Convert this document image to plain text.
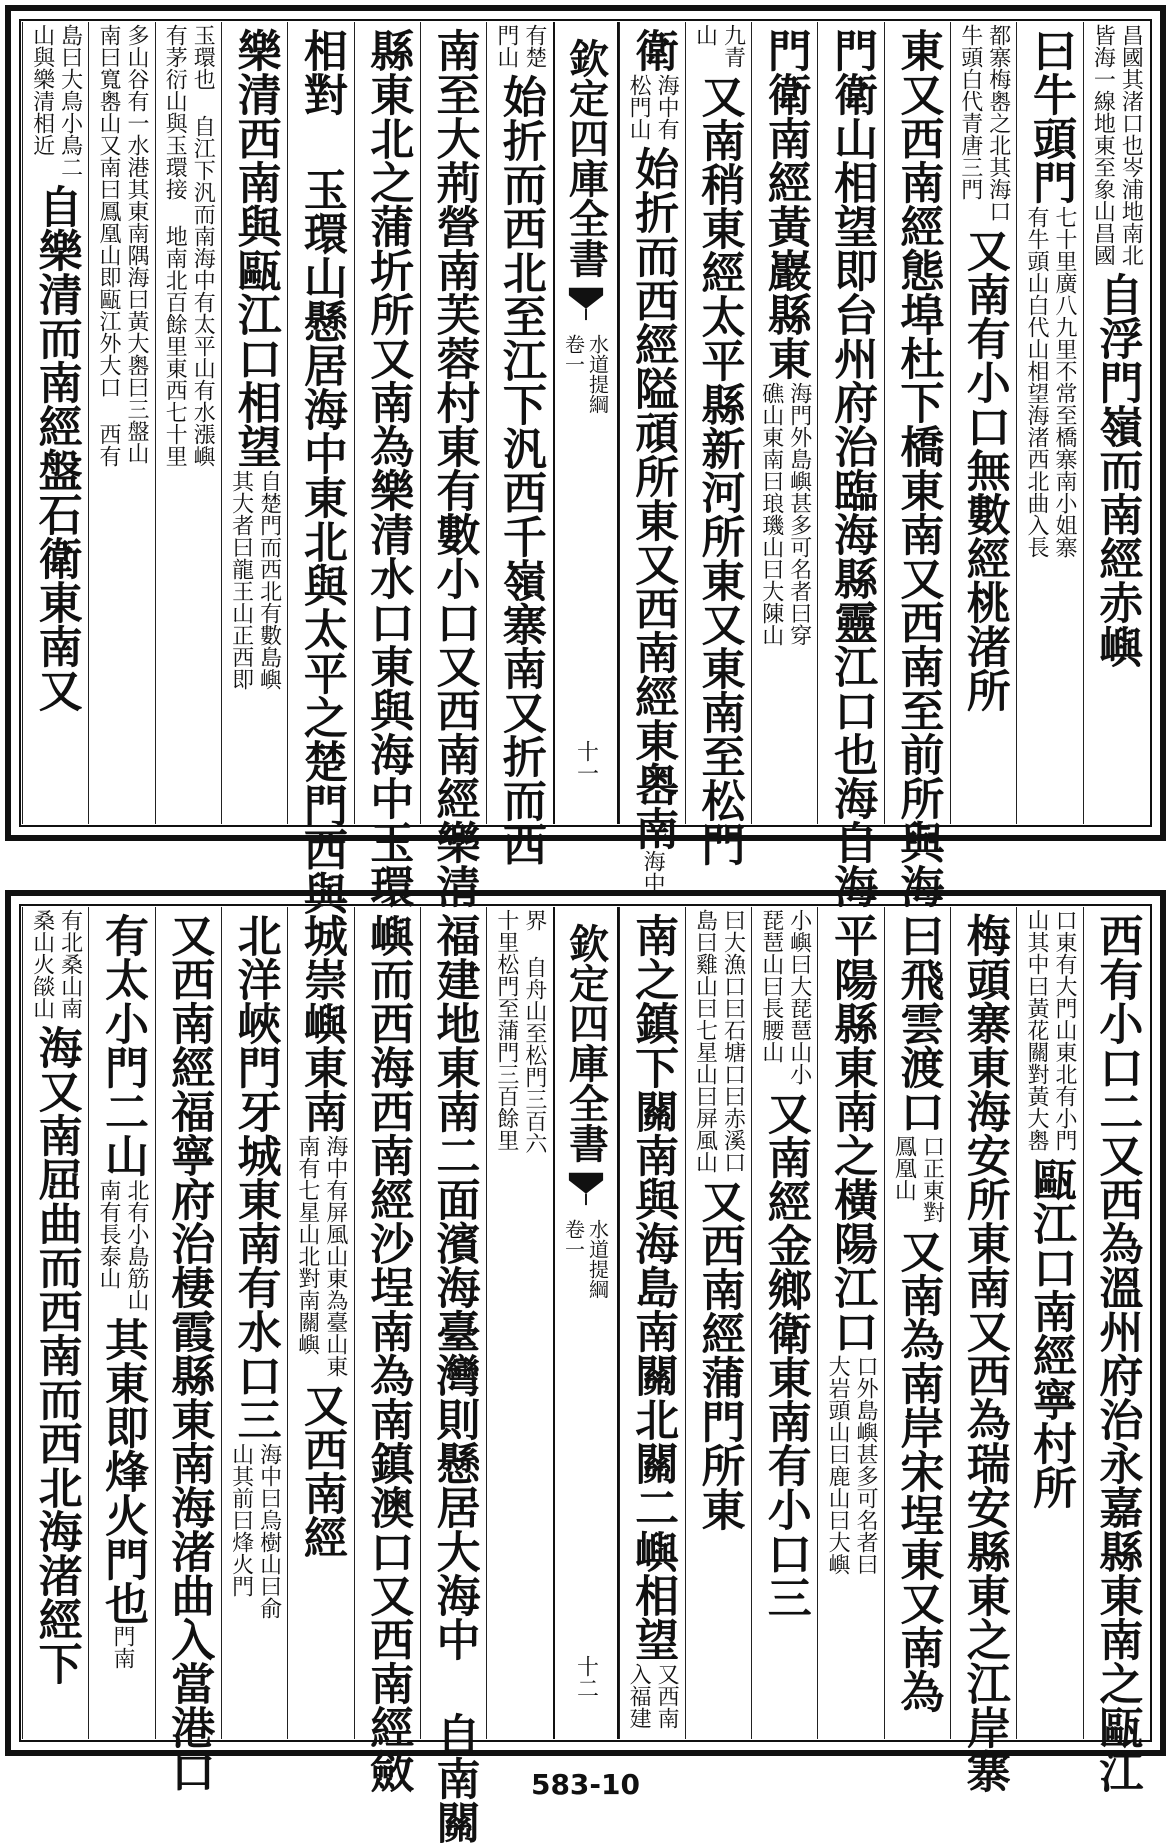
昌國其渚口也岑浦地南北
皆海一線地東至象山昌國
自浮門嶺而南經赤嶼
曰牛頭門
七十里廣八九里不常至橋寨南小姐寨
有牛頭山白代山相望海渚西北曲入長
都寨梅嶴之北其海口
牛頭白代青唐三門
又南有小口無數經桃渚所
東又西南經態埠杜下橋東南又西南至前所與海
門衛山相望即台州府治臨海縣靈江口也海自海
門衛南經黃巖縣東
海門外島嶼甚多可名者曰穿
礁山東南曰琅璣山曰大陳山
九青
山
又南稍東經太平縣新河所東又東南至松門
衛
海中有
松門山
始折而西經隘頑所東又西南經東嶴南
海中
欽定四庫全書
水道提綱
卷一
十一
有楚
門山
始折而西北至江下汎西千嶺寨南又折而西
南至大荊營南芙蓉村東有數小口又西南經樂清
縣東北之蒲圻所又南為樂清水口東與海中玉環
相對 玉環山懸居海中東北與太平之楚門西與
樂清西南與甌江口相望
自楚門而西北有數島嶼
其大者曰龍王山正西即
玉環也 自江下汎而南海中有太平山有水漲嶼
有茅衍山與玉環接 地南北百餘里東西七十里
多山谷有一水港其東南隅海曰黃大嶴曰三盤山
南曰寬嶴山又南曰鳳凰山即甌江外大口 西有
島曰大鳥小鳥二
山與樂清相近
自樂清而南經盤石衛東南又
西有小口二又西為溫州府治永嘉縣東南之甌江
口東有大門山東北有小門
山其中曰黃花關對黃大嶴
甌江口南經寧村所
梅頭寨東海安所東南又西為瑞安縣東之江岸寨
曰飛雲渡口
口正東對
鳳凰山
又南為南岸宋埕東又南為
平陽縣東南之橫陽江口
口外島嶼甚多可名者曰
大岩頭山曰鹿山曰大嶼
小嶼曰大琵琶山小
琵琶山曰長腰山
又南經金鄉衛東南有小口三
曰大漁口曰石塘口曰赤溪口
島曰雞山曰七星山曰屏風山
又西南經蒲門所東
南之鎮下關南與海島南關北關二嶼相望
又西南
入福建
欽定四庫全書
水道提綱
卷一
十二
界 自舟山至松門三百六
十里松門至蒲門三百餘里
福建地東南二面濱海臺灣則懸居大海中 自南關
嶼而西海西南經沙埕南為南鎮澳口又西南經斂
城崇嶼東南
海中有屏風山東為臺山東
南有七星山北對南關嶼
又西南經
北洋峽門牙城東南有水口三
海中曰烏樹山曰俞
山其前曰烽火門
又西南經福寧府治棲霞縣東南海渚曲入當港口
有太小門二山
北有小島筋山
南有長泰山
其東即烽火門也
門南
有北桑山南
桑山火燄山
海又南屈曲而西南而西北海渚經下
583-10
